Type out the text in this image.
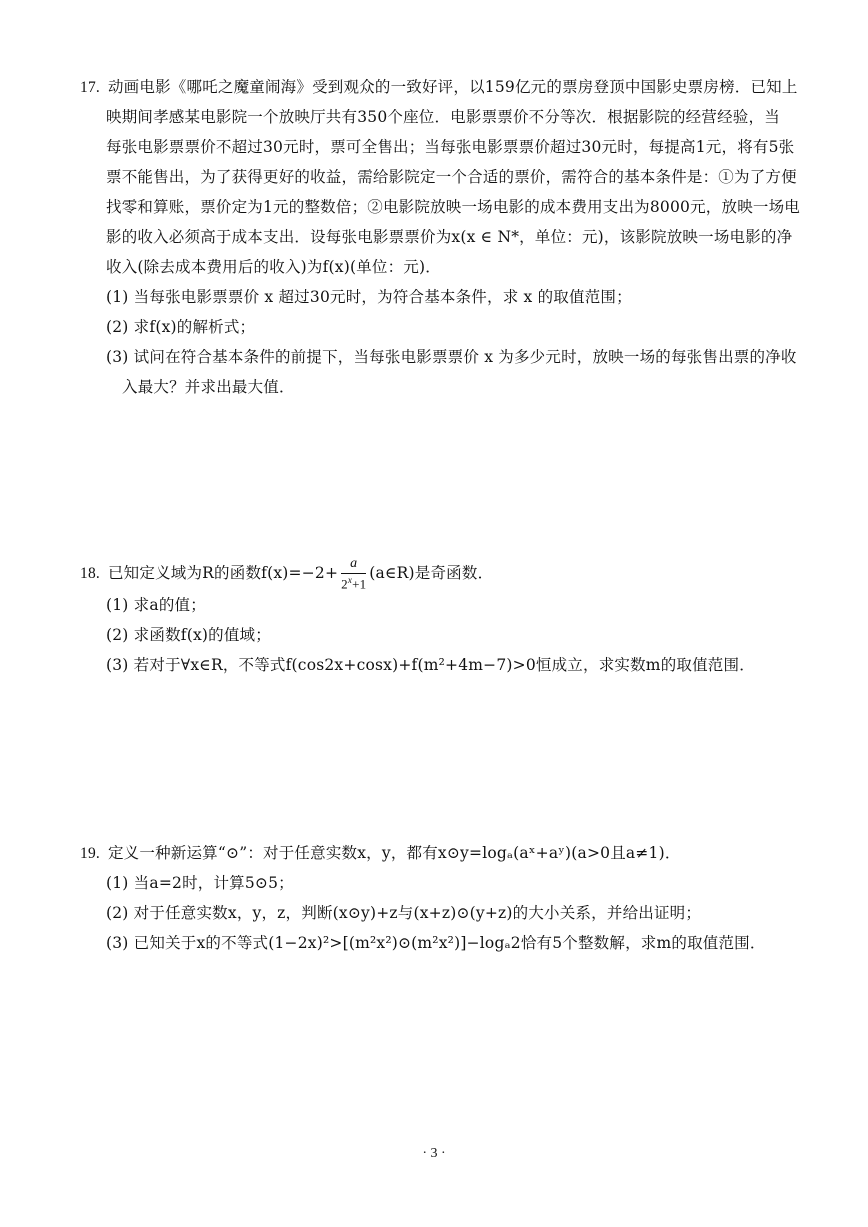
17. 动画电影《哪吒之魔童闹海》受到观众的一致好评，以159亿元的票房登顶中国影史票房榜．已知上
映期间孝感某电影院一个放映厅共有350个座位．电影票票价不分等次．根据影院的经营经验，当
每张电影票票价不超过30元时，票可全售出；当每张电影票票价超过30元时，每提高1元，将有5张
票不能售出，为了获得更好的收益，需给影院定一个合适的票价，需符合的基本条件是：①为了方便
找零和算账，票价定为1元的整数倍；②电影院放映一场电影的成本费用支出为8000元，放映一场电
影的收入必须高于成本支出．设每张电影票票价为x(x ∈ N*，单位：元)，该影院放映一场电影的净
收入(除去成本费用后的收入)为f(x)(单位：元)．
(1) 当每张电影票票价 x 超过30元时，为符合基本条件，求 x 的取值范围；
(2) 求f(x)的解析式；
(3) 试问在符合基本条件的前提下，当每张电影票票价 x 为多少元时，放映一场的每张售出票的净收
入最大？并求出最大值．
18. 已知定义域为R的函数$f(x)=-2+ \frac{a}{2^x+1}$ (a∈R)是奇函数．
(1) 求a的值；
(2) 求函数f(x)的值域；
(3) 若对于∀x∈R，不等式f(cos2x+cosx)+f(m²+4m−7)>0恒成立，求实数m的取值范围．
19. 定义一种新运算“⊙”：对于任意实数x，y，都有x⊙y=logₐ(aˣ+aʸ)(a>0且a≠1)．
(1) 当a=2时，计算5⊙5；
(2) 对于任意实数x，y，z，判断(x⊙y)+z与(x+z)⊙(y+z)的大小关系，并给出证明；
(3) 已知关于x的不等式(1−2x)²>[(m²x²)⊙(m²x²)]−logₐ2恰有5个整数解，求m的取值范围．
· 3 ·
